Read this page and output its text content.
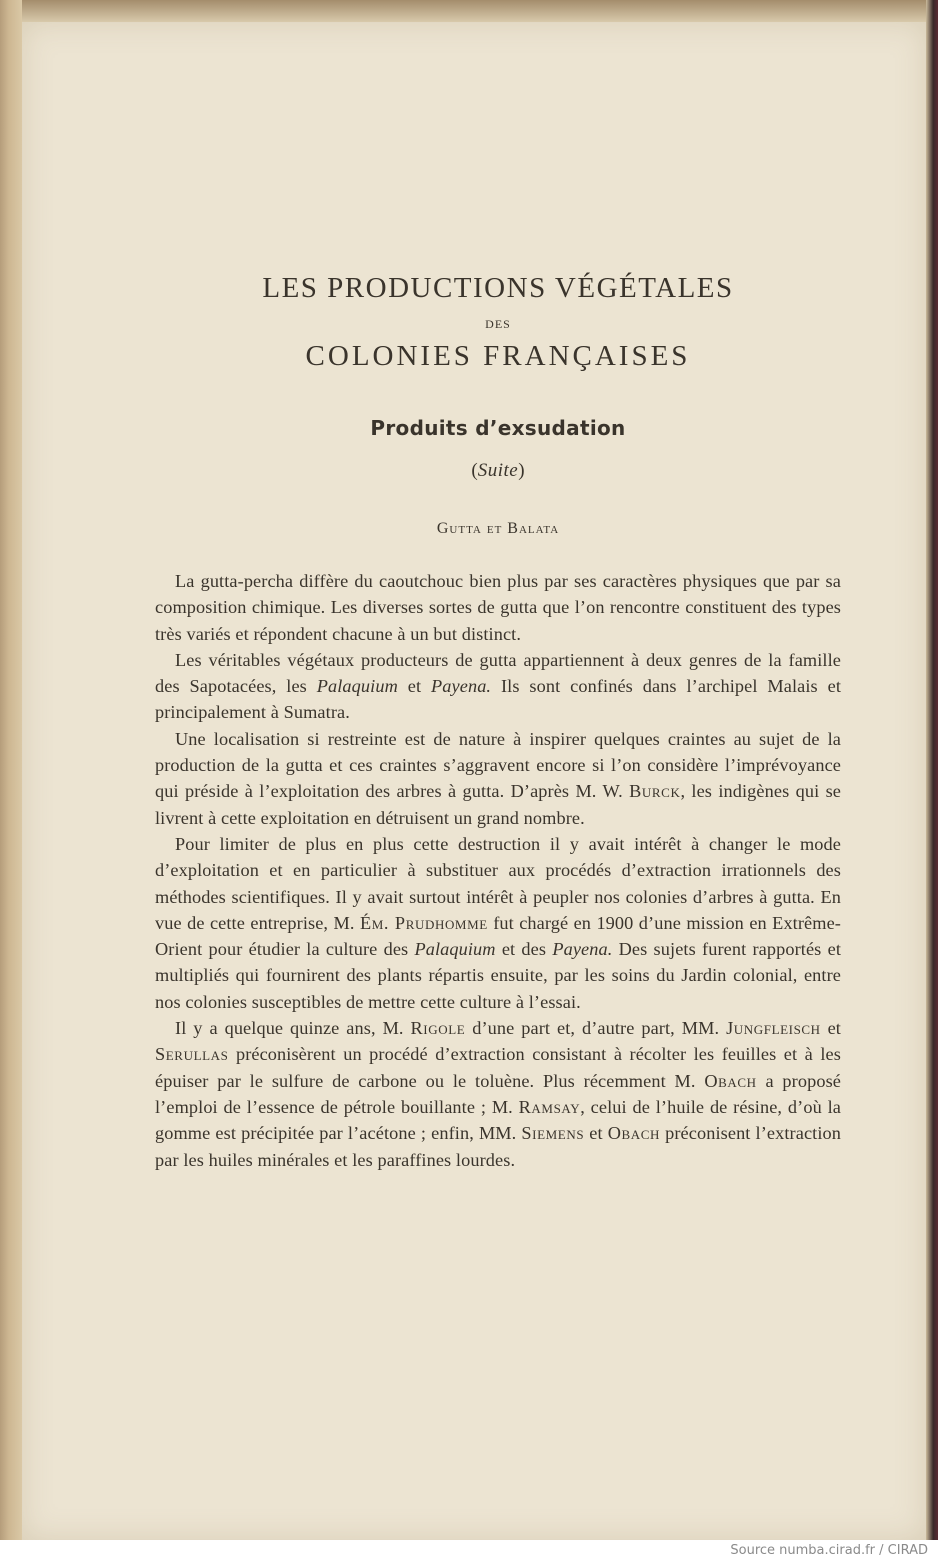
LES PRODUCTIONS VÉGÉTALES
DES
COLONIES FRANÇAISES
Produits d’exsudation
(Suite)
Gutta et Balata

La gutta-percha diffère du caoutchouc bien plus par ses caractères physiques que par sa composition chimique. Les diverses sortes de gutta que l’on rencontre constituent des types très variés et répondent chacune à un but distinct.

Les véritables végétaux producteurs de gutta appartiennent à deux genres de la famille des Sapotacées, les Palaquium et Payena. Ils sont confinés dans l’archipel Malais et principalement à Sumatra.

Une localisation si restreinte est de nature à inspirer quelques craintes au sujet de la production de la gutta et ces craintes s’aggravent encore si l’on considère l’imprévoyance qui préside à l’exploitation des arbres à gutta. D’après M. W. Burck, les indigènes qui se livrent à cette exploitation en détruisent un grand nombre.

Pour limiter de plus en plus cette destruction il y avait intérêt à changer le mode d’exploitation et en particulier à substituer aux procédés d’extraction irrationnels des méthodes scientifiques. Il y avait surtout intérêt à peupler nos colonies d’arbres à gutta. En vue de cette entreprise, M. Ém. Prudhomme fut chargé en 1900 d’une mission en Extrême-Orient pour étudier la culture des Palaquium et des Payena. Des sujets furent rapportés et multipliés qui fournirent des plants répartis ensuite, par les soins du Jardin colonial, entre nos colonies susceptibles de mettre cette culture à l’essai.

Il y a quelque quinze ans, M. Rigole d’une part et, d’autre part, MM. Jungfleisch et Serullas préconisèrent un procédé d’extraction consistant à récolter les feuilles et à les épuiser par le sulfure de carbone ou le toluène. Plus récemment M. Obach a proposé l’emploi de l’essence de pétrole bouillante ; M. Ramsay, celui de l’huile de résine, d’où la gomme est précipitée par l’acétone ; enfin, MM. Siemens et Obach préconisent l’extraction par les huiles minérales et les paraffines lourdes.

Source numba.cirad.fr / CIRAD
